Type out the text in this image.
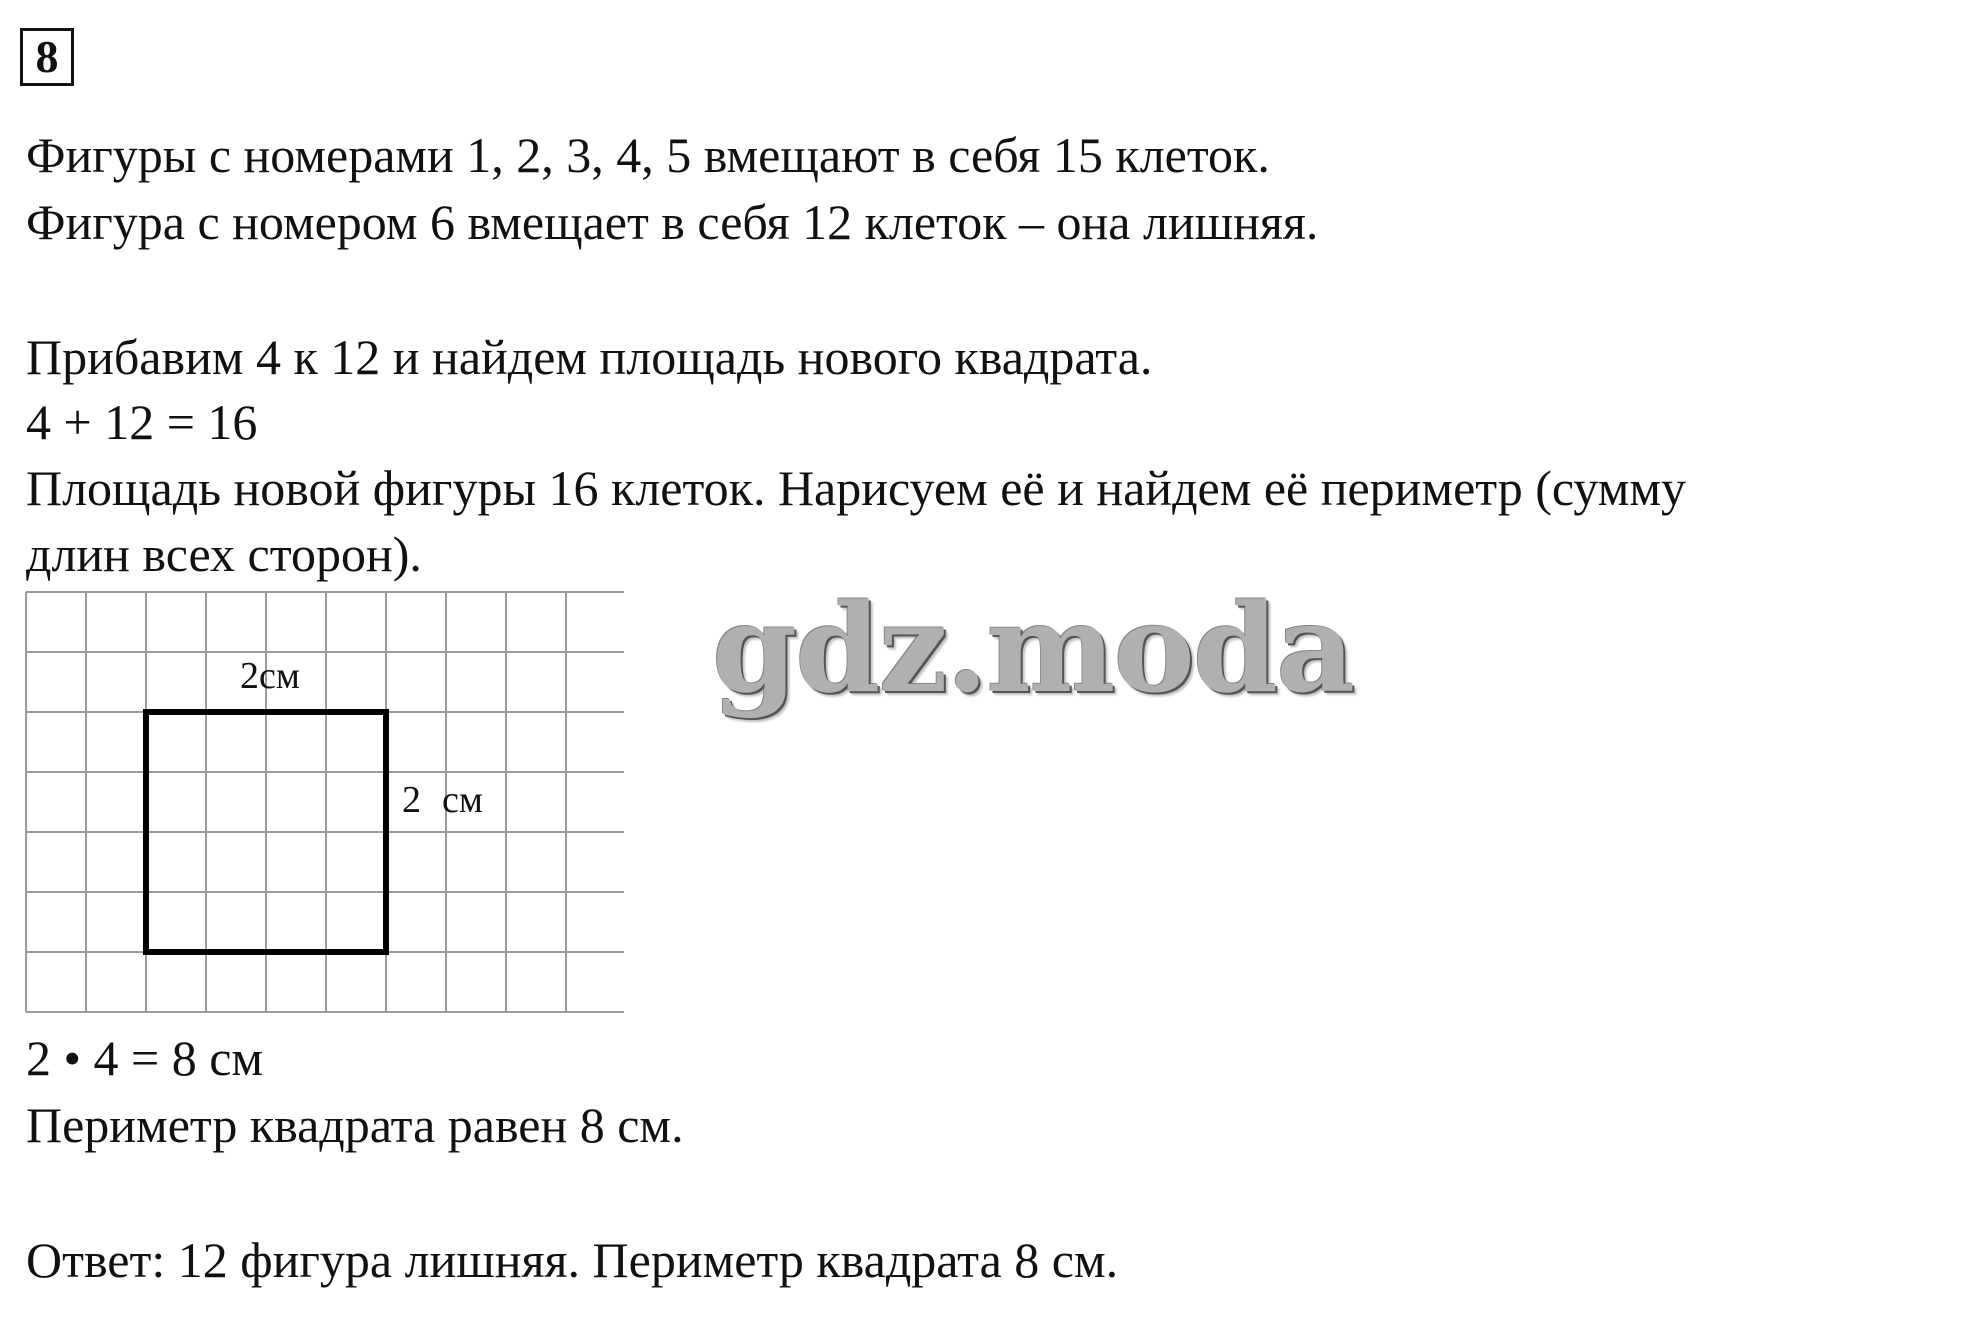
8
Фигуры с номерами 1, 2, 3, 4, 5 вмещают в себя 15 клеток.
Фигура с номером 6 вмещает в себя 12 клеток – она лишняя.
Прибавим 4 к 12 и найдем площадь нового квадрата.
4 + 12 = 16
Площадь новой фигуры 16 клеток. Нарисуем её и найдем её периметр (сумму
длин всех сторон).
2см
2 см
2 • 4 = 8 см
Периметр квадрата равен 8 см.
Ответ: 12 фигура лишняя. Периметр квадрата 8 см.
gdz.moda
